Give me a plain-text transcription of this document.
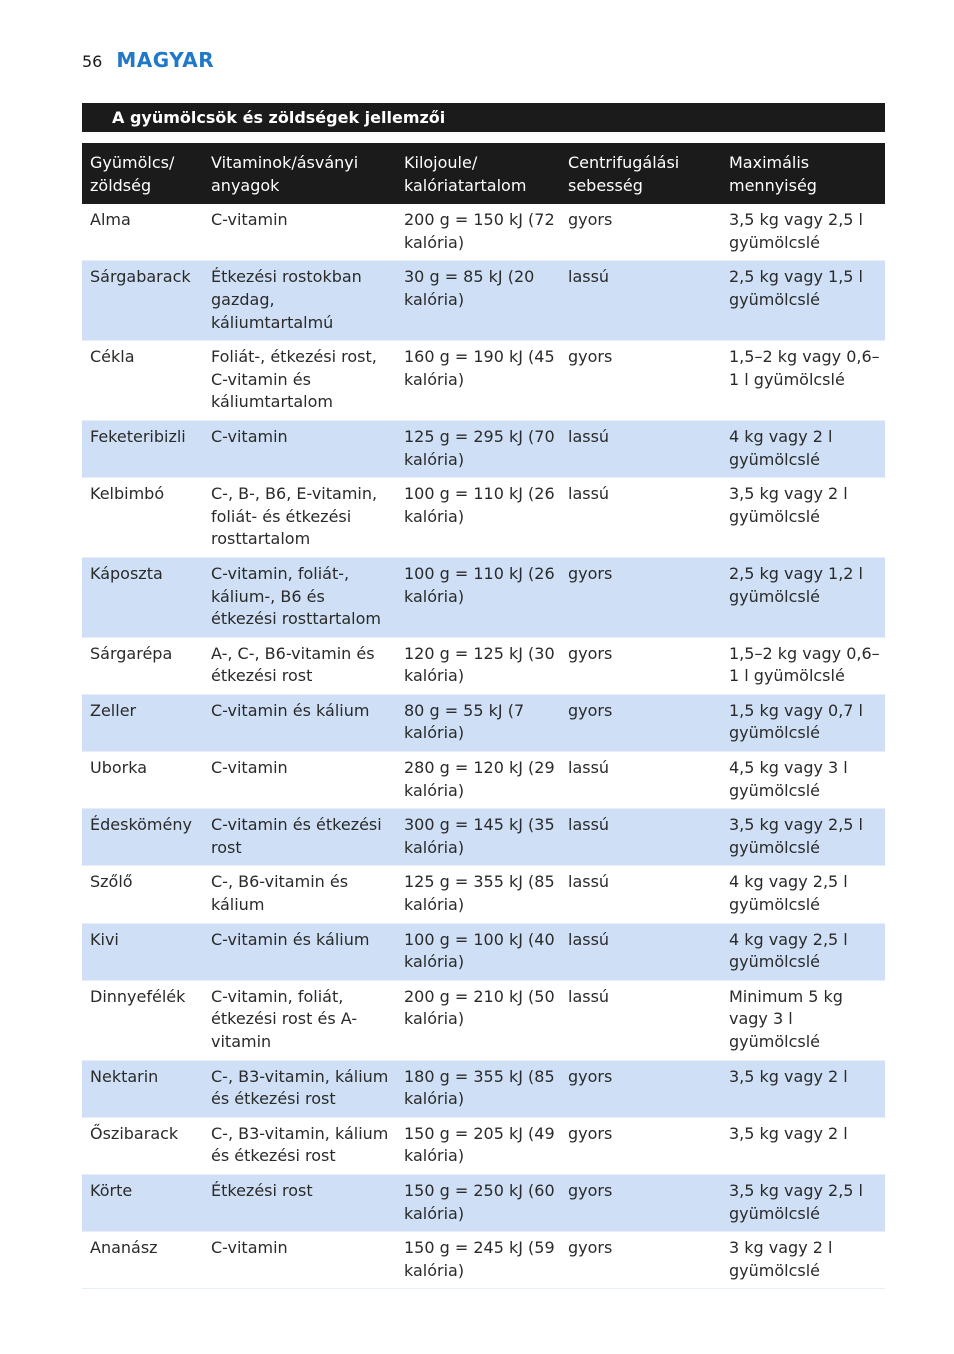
56 MAGYAR
A gyümölcsök és zöldségek jellemzői
Gyümölcs/ zöldség	Vitaminok/ásványi anyagok	Kilojoule/ kalóriatartalom	Centrifugálási sebesség	Maximális mennyiség
Alma	C-vitamin	200 g = 150 kJ (72 kalória)	gyors	3,5 kg vagy 2,5 l gyümölcslé
Sárgabarack	Étkezési rostokban gazdag, káliumtartalmú	30 g = 85 kJ (20 kalória)	lassú	2,5 kg vagy 1,5 l gyümölcslé
Cékla	Foliát-, étkezési rost, C-vitamin és káliumtartalom	160 g = 190 kJ (45 kalória)	gyors	1,5–2 kg vagy 0,6–1 l gyümölcslé
Feketeribizli	C-vitamin	125 g = 295 kJ (70 kalória)	lassú	4 kg vagy 2 l gyümölcslé
Kelbimbó	C-, B-, B6, E-vitamin, foliát- és étkezési rosttartalom	100 g = 110 kJ (26 kalória)	lassú	3,5 kg vagy 2 l gyümölcslé
Káposzta	C-vitamin, foliát-, kálium-, B6 és étkezési rosttartalom	100 g = 110 kJ (26 kalória)	gyors	2,5 kg vagy 1,2 l gyümölcslé
Sárgarépa	A-, C-, B6-vitamin és étkezési rost	120 g = 125 kJ (30 kalória)	gyors	1,5–2 kg vagy 0,6–1 l gyümölcslé
Zeller	C-vitamin és kálium	80 g = 55 kJ (7 kalória)	gyors	1,5 kg vagy 0,7 l gyümölcslé
Uborka	C-vitamin	280 g = 120 kJ (29 kalória)	lassú	4,5 kg vagy 3 l gyümölcslé
Édeskömény	C-vitamin és étkezési rost	300 g = 145 kJ (35 kalória)	lassú	3,5 kg vagy 2,5 l gyümölcslé
Szőlő	C-, B6-vitamin és kálium	125 g = 355 kJ (85 kalória)	lassú	4 kg vagy 2,5 l gyümölcslé
Kivi	C-vitamin és kálium	100 g = 100 kJ (40 kalória)	lassú	4 kg vagy 2,5 l gyümölcslé
Dinnyefélék	C-vitamin, foliát, étkezési rost és A-vitamin	200 g = 210 kJ (50 kalória)	lassú	Minimum 5 kg vagy 3 l gyümölcslé
Nektarin	C-, B3-vitamin, kálium és étkezési rost	180 g = 355 kJ (85 kalória)	gyors	3,5 kg vagy 2 l
Őszibarack	C-, B3-vitamin, kálium és étkezési rost	150 g = 205 kJ (49 kalória)	gyors	3,5 kg vagy 2 l
Körte	Étkezési rost	150 g = 250 kJ (60 kalória)	gyors	3,5 kg vagy 2,5 l gyümölcslé
Ananász	C-vitamin	150 g = 245 kJ (59 kalória)	gyors	3 kg vagy 2 l gyümölcslé
